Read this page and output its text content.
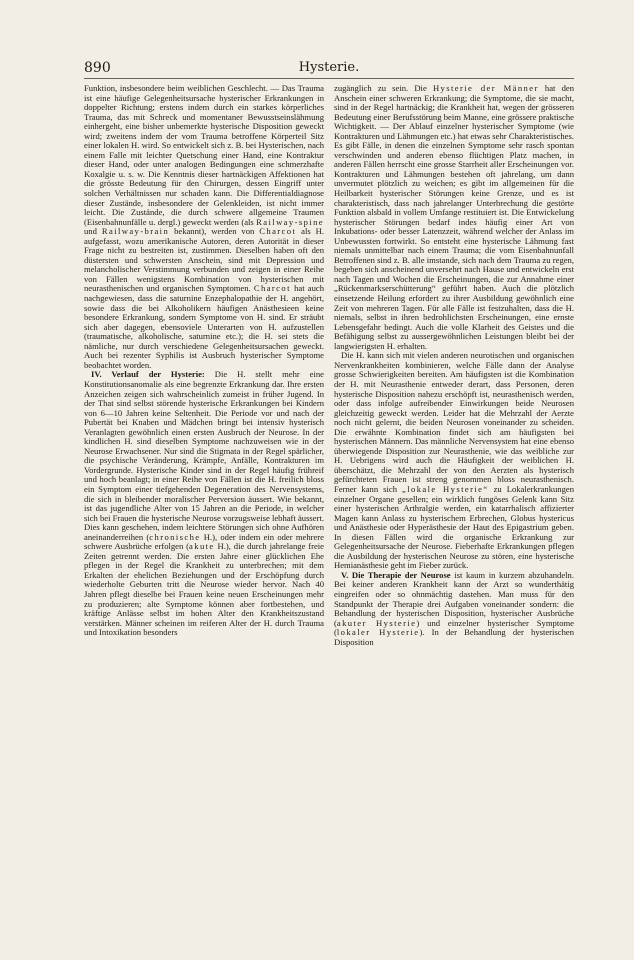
890	Hysterie.

Funktion, insbesondere beim weiblichen Geschlecht. — Das Trauma ist eine häufige Gelegenheitsursache hysterischer Erkrankungen in doppelter Richtung; erstens indem durch ein starkes körperliches Trauma, das mit Schreck und momentaner Bewusstseinslähmung einhergeht, eine bisher unbemerkte hysterische Disposition geweckt wird; zweitens indem der vom Trauma betroffene Körperteil Sitz einer lokalen H. wird. So entwickelt sich z. B. bei Hysterischen, nach einem Falle mit leichter Quetschung einer Hand, eine Kontraktur dieser Hand, oder unter analogen Bedingungen eine schmerzhafte Koxalgie u. s. w. Die Kenntnis dieser hartnäckigen Affektionen hat die grösste Bedeutung für den Chirurgen, dessen Eingriff unter solchen Verhältnissen nur schaden kann. Die Differentialdiagnose dieser Zustände, insbesondere der Gelenkleiden, ist nicht immer leicht. Die Zustände, die durch schwere allgemeine Traumen (Eisenbahnunfälle u. dergl.) geweckt werden (als Railway-spine und Railway-brain bekannt), werden von Charcot als H. aufgefasst, wozu amerikanische Autoren, deren Autorität in dieser Frage nicht zu bestreiten ist, zustimmen. Dieselben haben oft den düstersten und schwersten Anschein, sind mit Depression und melancholischer Verstimmung verbunden und zeigen in einer Reihe von Fällen wenigstens Kombination von hysterischen mit neurasthenischen und organischen Symptomen. Charcot hat auch nachgewiesen, dass die saturnine Enzephalopathie der H. angehört, sowie dass die bei Alkoholikern häufigen Anästhesieen keine besondere Erkrankung, sondern Symptome von H. sind. Er sträubt sich aber dagegen, ebensoviele Unterarten von H. aufzustellen (traumatische, alkoholische, saturnine etc.); die H. sei stets die nämliche, nur durch verschiedene Gelegenheitsursachen geweckt. Auch bei rezenter Syphilis ist Ausbruch hysterischer Symptome beobachtet worden.

IV. Verlauf der Hysterie: Die H. stellt mehr eine Konstitutionsanomalie als eine begrenzte Erkrankung dar. Ihre ersten Anzeichen zeigen sich wahrscheinlich zumeist in früher Jugend. In der That sind selbst störende hysterische Erkrankungen bei Kindern von 6—10 Jahren keine Seltenheit. Die Periode vor und nach der Pubertät bei Knaben und Mädchen bringt bei intensiv hysterisch Veranlagten gewöhnlich einen ersten Ausbruch der Neurose. In der kindlichen H. sind dieselben Symptome nachzuweisen wie in der Neurose Erwachsener. Nur sind die Stigmata in der Regel spärlicher, die psychische Veränderung, Krämpfe, Anfälle, Kontrakturen im Vordergrunde. Hysterische Kinder sind in der Regel häufig frühreif und hoch beanlagt; in einer Reihe von Fällen ist die H. freilich bloss ein Symptom einer tiefgehenden Degeneration des Nervensystems, die sich in bleibender moralischer Perversion äussert. Wie bekannt, ist das jugendliche Alter von 15 Jahren an die Periode, in welcher sich bei Frauen die hysterische Neurose vorzugsweise lebhaft äussert. Dies kann geschehen, indem leichtere Störungen sich ohne Aufhören aneinanderreihen (chronische H.), oder indem ein oder mehrere schwere Ausbrüche erfolgen (akute H.), die durch jahrelange freie Zeiten getrennt werden. Die ersten Jahre einer glücklichen Ehe pflegen in der Regel die Krankheit zu unterbrechen; mit dem Erkalten der ehelichen Beziehungen und der Erschöpfung durch wiederholte Geburten tritt die Neurose wieder hervor. Nach 40 Jahren pflegt dieselbe bei Frauen keine neuen Erscheinungen mehr zu produzieren; alte Symptome können aber fortbestehen, und kräftige Anlässe selbst im hohen Alter den Krankheitszustand verstärken. Männer scheinen im reiferen Alter der H. durch Trauma und Intoxikation besonders

zugänglich zu sein. Die Hysterie der Männer hat den Anschein einer schweren Erkrankung; die Symptome, die sie macht, sind in der Regel hartnäckig; die Krankheit hat, wegen der grösseren Bedeutung einer Berufsstörung beim Manne, eine grössere praktische Wichtigkeit. — Der Ablauf einzelner hysterischer Symptome (wie Kontrakturen und Lähmungen etc.) hat etwas sehr Charakteristisches. Es gibt Fälle, in denen die einzelnen Symptome sehr rasch spontan verschwinden und anderen ebenso flüchtigen Platz machen, in anderen Fällen herrscht eine grosse Starrheit aller Erscheinungen vor. Kontrakturen und Lähmungen bestehen oft jahrelang, um dann unvermutet plötzlich zu weichen; es gibt im allgemeinen für die Heilbarkeit hysterischer Störungen keine Grenze, und es ist charakteristisch, dass nach jahrelanger Unterbrechung die gestörte Funktion alsbald in vollem Umfange restituiert ist. Die Entwickelung hysterischer Störungen bedarf indes häufig einer Art von Inkubations- oder besser Latenzzeit, während welcher der Anlass im Unbewussten fortwirkt. So entsteht eine hysterische Lähmung fast niemals unmittelbar nach einem Trauma; die vom Eisenbahnunfall Betroffenen sind z. B. alle imstande, sich nach dem Trauma zu regen, begeben sich anscheinend unversehrt nach Hause und entwickeln erst nach Tagen und Wochen die Erscheinungen, die zur Annahme einer „Rückenmarkserschütterung“ geführt haben. Auch die plötzlich einsetzende Heilung erfordert zu ihrer Ausbildung gewöhnlich eine Zeit von mehreren Tagen. Für alle Fälle ist festzuhalten, dass die H. niemals, selbst in ihren bedrohlichsten Erscheinungen, eine ernste Lebensgefahr bedingt. Auch die volle Klarheit des Geistes und die Befähigung selbst zu aussergewöhnlichen Leistungen bleibt bei der langwierigsten H. erhalten.

Die H. kann sich mit vielen anderen neurotischen und organischen Nervenkrankheiten kombinieren, welche Fälle dann der Analyse grosse Schwierigkeiten bereiten. Am häufigsten ist die Kombination der H. mit Neurasthenie entweder derart, dass Personen, deren hysterische Disposition nahezu erschöpft ist, neurasthenisch werden, oder dass infolge aufreibender Einwirkungen beide Neurosen gleichzeitig geweckt werden. Leider hat die Mehrzahl der Aerzte noch nicht gelernt, die beiden Neurosen voneinander zu scheiden. Die erwähnte Kombination findet sich am häufigsten bei hysterischen Männern. Das männliche Nervensystem hat eine ebenso überwiegende Disposition zur Neurasthenie, wie das weibliche zur H. Uebrigens wird auch die Häufigkeit der weiblichen H. überschätzt, die Mehrzahl der von den Aerzten als hysterisch gefürchteten Frauen ist streng genommen bloss neurasthenisch. Ferner kann sich „lokale Hysterie“ zu Lokalerkrankungen einzelner Organe gesellen; ein wirklich fungöses Gelenk kann Sitz einer hysterischen Arthralgie werden, ein katarrhalisch affizierter Magen kann Anlass zu hysterischem Erbrechen, Globus hystericus und Anästhesie oder Hyperästhesie der Haut des Epigastrium geben. In diesen Fällen wird die organische Erkrankung zur Gelegenheitsursache der Neurose. Fieberhafte Erkrankungen pflegen die Ausbildung der hysterischen Neurose zu stören, eine hysterische Hemianästhesie geht im Fieber zurück.

V. Die Therapie der Neurose ist kaum in kurzem abzuhandeln. Bei keiner anderen Krankheit kann der Arzt so wunderthätig eingreifen oder so ohnmächtig dastehen. Man muss für den Standpunkt der Therapie drei Aufgaben voneinander sondern: die Behandlung der hysterischen Disposition, hysterischer Ausbrüche (akuter Hysterie) und einzelner hysterischer Symptome (lokaler Hysterie). In der Behandlung der hysterischen Disposition
